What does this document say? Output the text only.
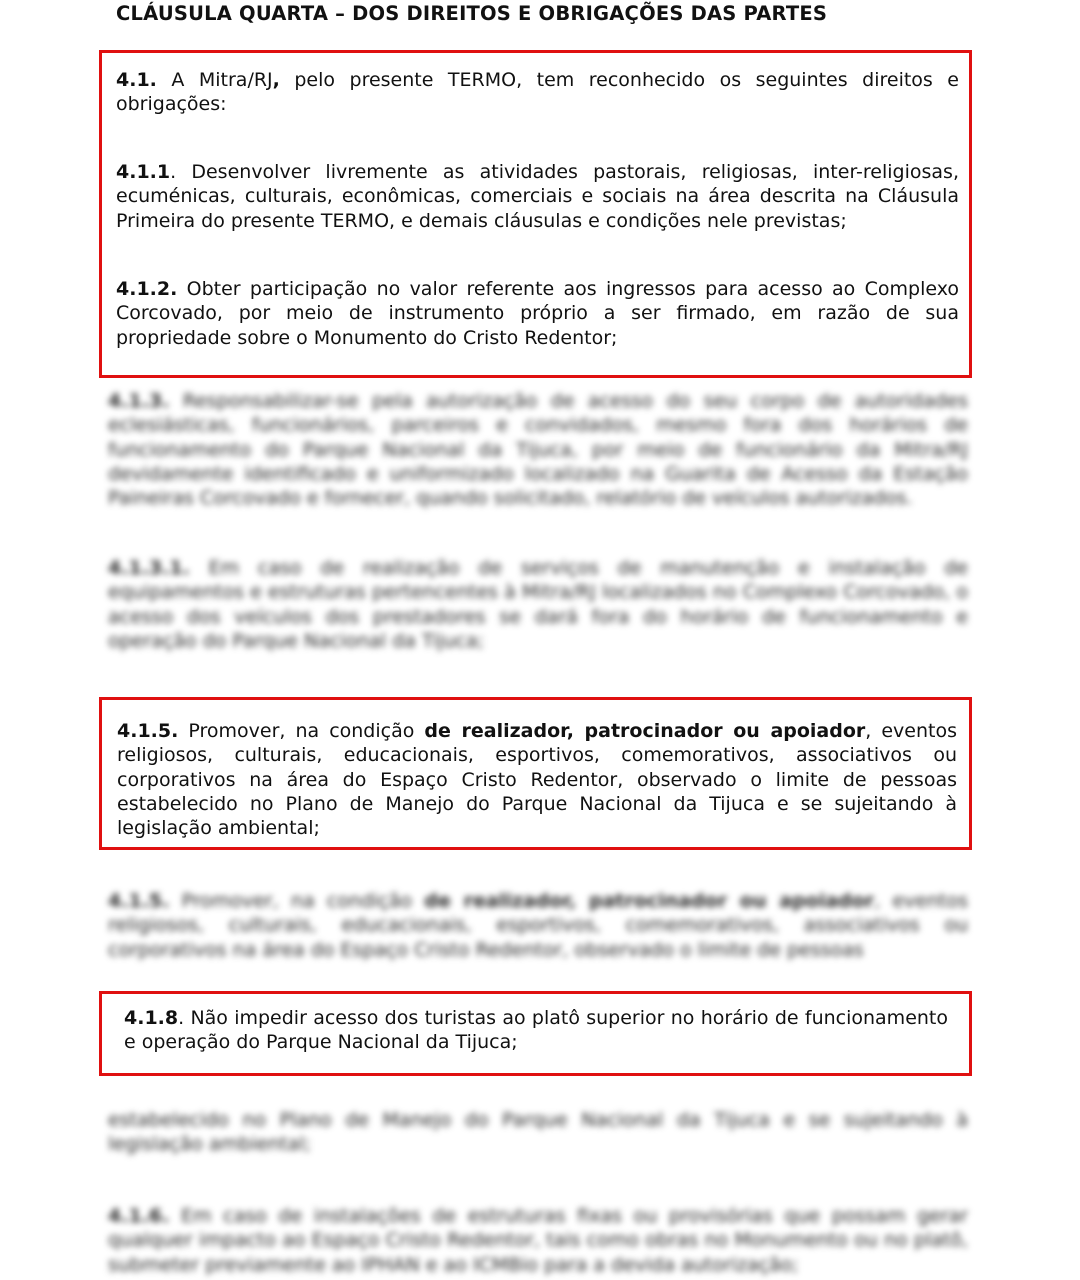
CLÁUSULA QUARTA – DOS DIREITOS E OBRIGAÇÕES DAS PARTES

4.1. A Mitra/RJ, pelo presente TERMO, tem reconhecido os seguintes direitos e obrigações:

4.1.1. Desenvolver livremente as atividades pastorais, religiosas, inter-religiosas, ecuménicas, culturais, econômicas, comerciais e sociais na área descrita na Cláusula Primeira do presente TERMO, e demais cláusulas e condições nele previstas;

4.1.2. Obter participação no valor referente aos ingressos para acesso ao Complexo Corcovado, por meio de instrumento próprio a ser firmado, em razão de sua propriedade sobre o Monumento do Cristo Redentor;

4.1.3. Responsabilizar-se pela autorização de acesso do seu corpo de autoridades eclesiásticas, funcionários, parceiros e convidados, mesmo fora dos horários de funcionamento do Parque Nacional da Tijuca, por meio de funcionário da Mitra/RJ devidamente identificado e uniformizado localizado na Guarita de Acesso da Estação Paineiras Corcovado e fornecer, quando solicitado, relatório de veículos autorizados.

4.1.3.1. Em caso de realização de serviços de manutenção e instalação de equipamentos e estruturas pertencentes à Mitra/RJ localizados no Complexo Corcovado, o acesso dos veículos dos prestadores se dará fora do horário de funcionamento e operação do Parque Nacional da Tijuca;

4.1.5. Promover, na condição de realizador, patrocinador ou apoiador, eventos religiosos, culturais, educacionais, esportivos, comemorativos, associativos ou corporativos na área do Espaço Cristo Redentor, observado o limite de pessoas estabelecido no Plano de Manejo do Parque Nacional da Tijuca e se sujeitando à legislação ambiental;

4.1.5. Promover, na condição de realizador, patrocinador ou apoiador, eventos religiosos, culturais, educacionais, esportivos, comemorativos, associativos ou corporativos na área do Espaço Cristo Redentor, observado o limite de pessoas

4.1.8. Não impedir acesso dos turistas ao platô superior no horário de funcionamento e operação do Parque Nacional da Tijuca;

estabelecido no Plano de Manejo do Parque Nacional da Tijuca e se sujeitando à legislação ambiental;

4.1.6. Em caso de instalações de estruturas fixas ou provisórias que possam gerar qualquer impacto ao Espaço Cristo Redentor, tais como obras no Monumento ou no platô, submeter previamente ao IPHAN e ao ICMBio para a devida autorização;
